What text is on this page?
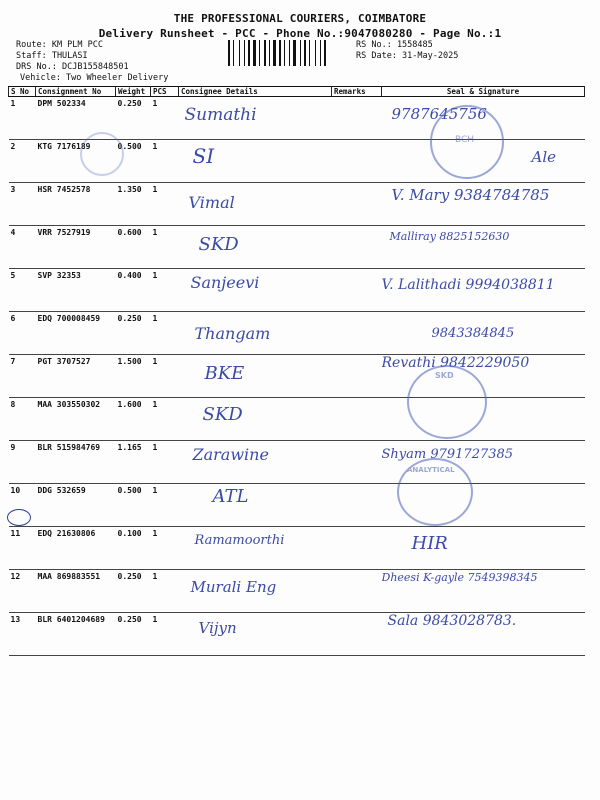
THE PROFESSIONAL COURIERS, COIMBATORE
Delivery Runsheet - PCC - Phone No.:9047080280 - Page No.:1
Route: KM PLM PCC
Staff: THULASI
DRS No.: DCJB155848501
Vehicle: Two Wheeler Delivery
RS No.: 1558485
RS Date: 31-May-2025
S No	Consignment No	Weight	PCS	Consignee Details	Remarks	Seal & Signature
1	DPM 502334	0.250	1	Sumathi		9787645756

2	KTG 7176189	0.500	1	SI		Ale

3	HSR 7452578	1.350	1	Vimal		V. Mary 9384784785

4	VRR 7527919	0.600	1	SKD		Malliray 8825152630

5	SVP 32353	0.400	1	Sanjeevi		V. Lalithadi 9994038811

6	EDQ 700008459	0.250	1	Thangam		9843384845

7	PGT 3707527	1.500	1	BKE		Revathi 9842229050

8	MAA 303550302	1.600	1	SKD		

9	BLR 515984769	1.165	1	Zarawine		Shyam 9791727385

10	DDG 532659	0.500	1	ATL		

11	EDQ 21630806	0.100	1	Ramamoorthi		HIR

12	MAA 869883551	0.250	1	Murali Eng		Dheesi K-gayle 7549398345

13	BLR 6401204689	0.250	1	Vijyn		Sala 9843028783.
BCH
SKD
ANALYTICAL
